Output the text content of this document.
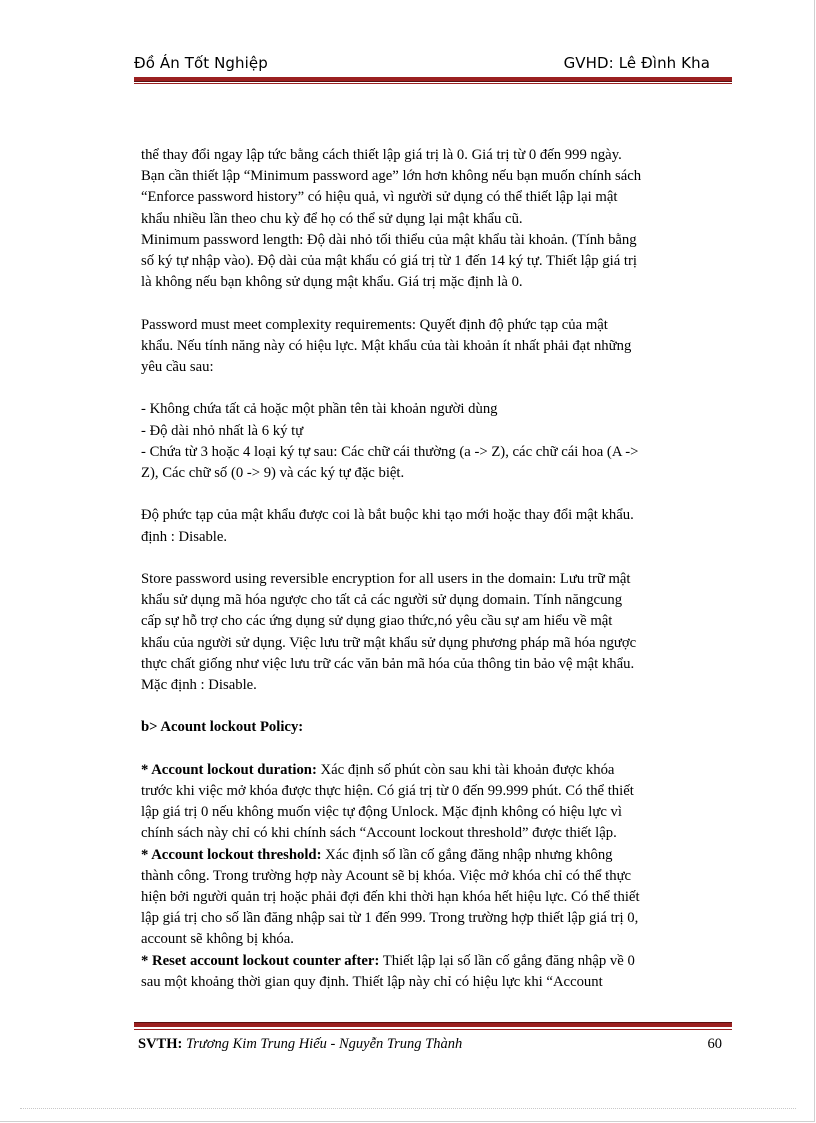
Đồ Án Tốt Nghiệp	GVHD: Lê Đình Kha

thể thay đổi ngay lập tức bằng cách thiết lập giá trị là 0. Giá trị từ 0 đến 999 ngày.
Bạn cần thiết lập “Minimum password age” lớn hơn không nếu bạn muốn chính sách
“Enforce password history” có hiệu quả, vì người sử dụng có thể thiết lập lại mật
khẩu nhiều lần theo chu kỳ để họ có thể sử dụng lại mật khẩu cũ.
Minimum password length: Độ dài nhỏ tối thiểu của mật khẩu tài khoản. (Tính bằng
số ký tự nhập vào). Độ dài của mật khẩu có giá trị từ 1 đến 14 ký tự. Thiết lập giá trị
là không nếu bạn không sử dụng mật khẩu. Giá trị mặc định là 0.

Password must meet complexity requirements: Quyết định độ phức tạp của mật
khẩu. Nếu tính năng này có hiệu lực. Mật khẩu của tài khoản ít nhất phải đạt những
yêu cầu sau:

- Không chứa tất cả hoặc một phần tên tài khoản người dùng
- Độ dài nhỏ nhất là 6 ký tự
- Chứa từ 3 hoặc 4 loại ký tự sau: Các chữ cái thường (a -> Z), các chữ cái hoa (A ->
Z), Các chữ số (0 -> 9) và các ký tự đặc biệt.

Độ phức tạp của mật khẩu được coi là bắt buộc khi tạo mới hoặc thay đổi mật khẩu.
định : Disable.

Store password using reversible encryption for all users in the domain: Lưu trữ mật
khẩu sử dụng mã hóa ngược cho tất cả các người sử dụng domain. Tính năngcung
cấp sự hỗ trợ cho các ứng dụng sử dụng giao thức,nó yêu cầu sự am hiểu về mật
khẩu của người sử dụng. Việc lưu trữ mật khẩu sử dụng phương pháp mã hóa ngược
thực chất giống như việc lưu trữ các văn bản mã hóa của thông tin bảo vệ mật khẩu.
Mặc định : Disable.

b> Acount lockout Policy:

* Account lockout duration: Xác định số phút còn sau khi tài khoản được khóa
trước khi việc mở khóa được thực hiện. Có giá trị từ 0 đến 99.999 phút. Có thể thiết
lập giá trị 0 nếu không muốn việc tự động Unlock. Mặc định không có hiệu lực vì
chính sách này chỉ có khi chính sách “Account lockout threshold” được thiết lập.

* Account lockout threshold: Xác định số lần cố gắng đăng nhập nhưng không
thành công. Trong trường hợp này Acount sẽ bị khóa. Việc mở khóa chỉ có thể thực
hiện bởi người quản trị hoặc phải đợi đến khi thời hạn khóa hết hiệu lực. Có thể thiết
lập giá trị cho số lần đăng nhập sai từ 1 đến 999. Trong trường hợp thiết lập giá trị 0,
account sẽ không bị khóa.

* Reset account lockout counter after: Thiết lập lại số lần cố gắng đăng nhập về 0
sau một khoảng thời gian quy định. Thiết lập này chỉ có hiệu lực khi “Account

SVTH: Trương Kim Trung Hiếu - Nguyễn Trung Thành	60
